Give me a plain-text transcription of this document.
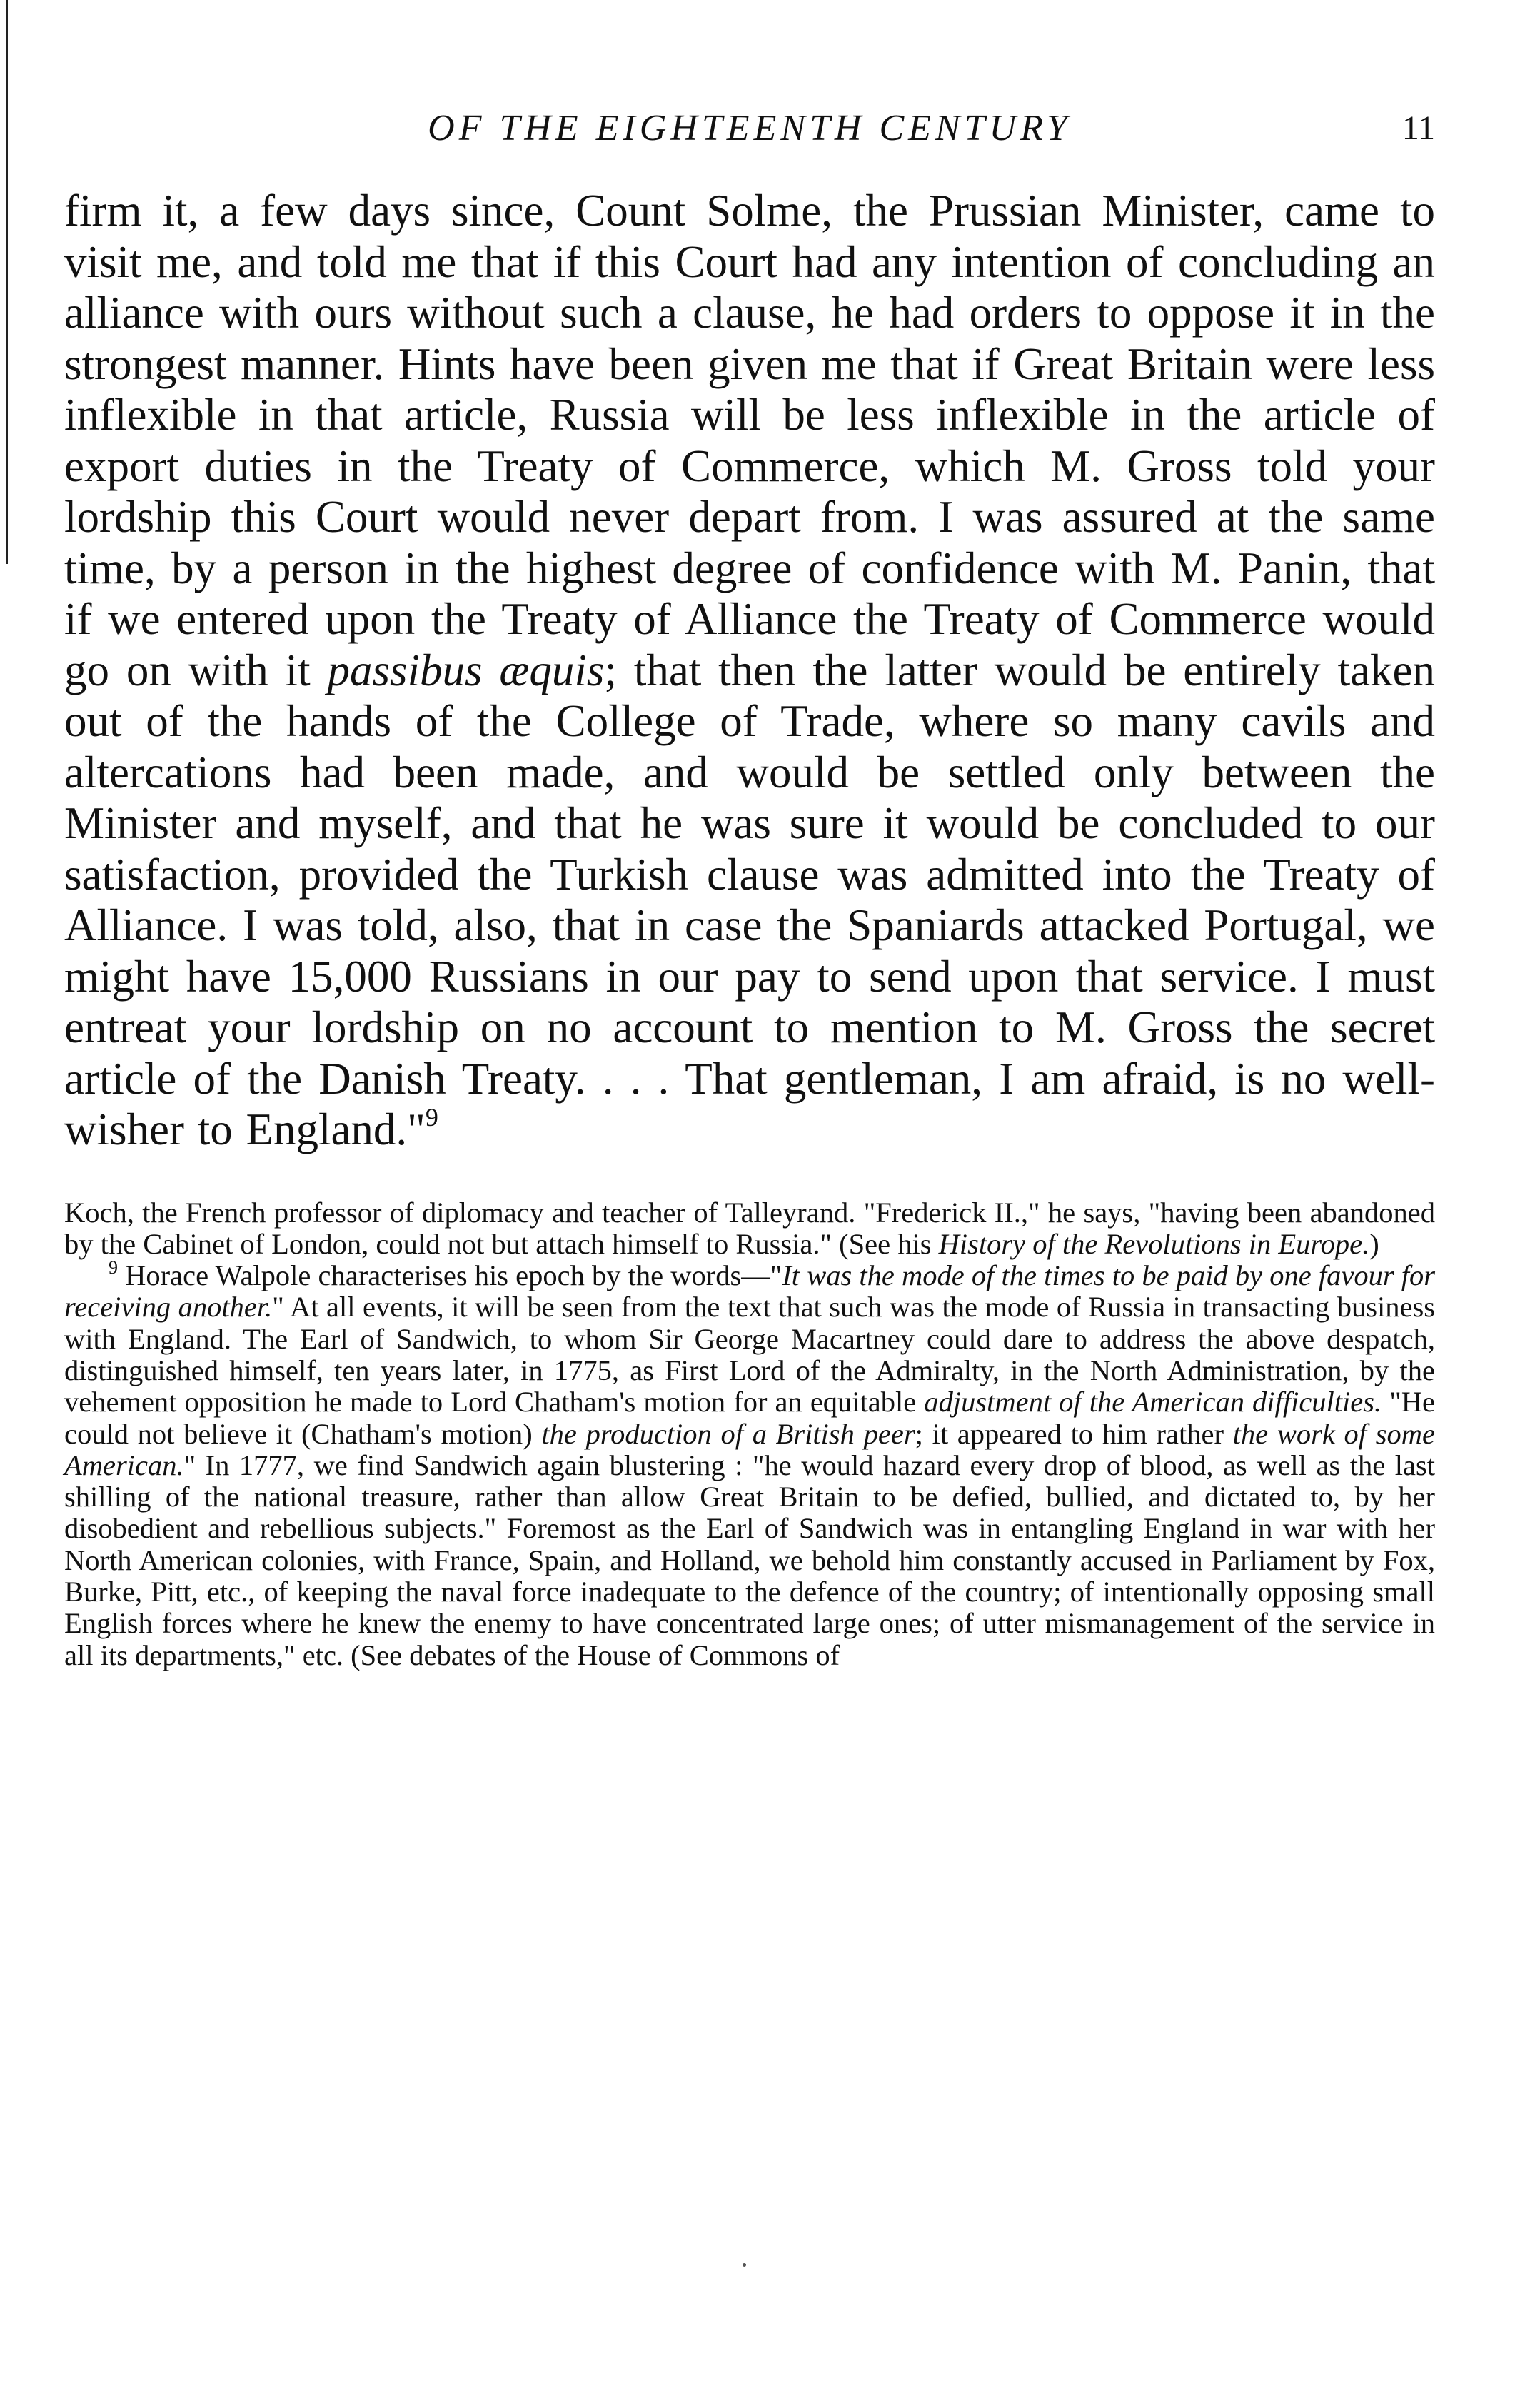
OF THE EIGHTEENTH CENTURY	11
firm it, a few days since, Count Solme, the Prussian Minister, came to visit me, and told me that if this Court had any intention of concluding an alliance with ours without such a clause, he had orders to oppose it in the strongest manner. Hints have been given me that if Great Britain were less inflexible in that article, Russia will be less inflexible in the article of export duties in the Treaty of Commerce, which M. Gross told your lordship this Court would never depart from. I was assured at the same time, by a person in the highest degree of confidence with M. Panin, that if we entered upon the Treaty of Alliance the Treaty of Commerce would go on with it passibus æquis; that then the latter would be entirely taken out of the hands of the College of Trade, where so many cavils and altercations had been made, and would be settled only between the Minister and myself, and that he was sure it would be concluded to our satisfaction, provided the Turkish clause was admitted into the Treaty of Alliance. I was told, also, that in case the Spaniards attacked Portugal, we might have 15,000 Russians in our pay to send upon that service. I must entreat your lordship on no account to mention to M. Gross the secret article of the Danish Treaty. . . . That gentleman, I am afraid, is no well-wisher to England."$^9$

Koch, the French professor of diplomacy and teacher of Talleyrand. "Frederick II.," he says, "having been abandoned by the Cabinet of London, could not but attach himself to Russia." (See his History of the Revolutions in Europe.)

$^9$ Horace Walpole characterises his epoch by the words—"It was the mode of the times to be paid by one favour for receiving another." At all events, it will be seen from the text that such was the mode of Russia in transacting business with England. The Earl of Sandwich, to whom Sir George Macartney could dare to address the above despatch, distinguished himself, ten years later, in 1775, as First Lord of the Admiralty, in the North Administration, by the vehement opposition he made to Lord Chatham's motion for an equitable adjustment of the American difficulties. "He could not believe it (Chatham's motion) the production of a British peer; it appeared to him rather the work of some American." In 1777, we find Sandwich again blustering : "he would hazard every drop of blood, as well as the last shilling of the national treasure, rather than allow Great Britain to be defied, bullied, and dictated to, by her disobedient and rebellious subjects." Foremost as the Earl of Sandwich was in entangling England in war with her North American colonies, with France, Spain, and Holland, we behold him constantly accused in Parliament by Fox, Burke, Pitt, etc., of keeping the naval force inadequate to the defence of the country; of intentionally opposing small English forces where he knew the enemy to have concentrated large ones; of utter mismanagement of the service in all its departments," etc. (See debates of the House of Commons of
